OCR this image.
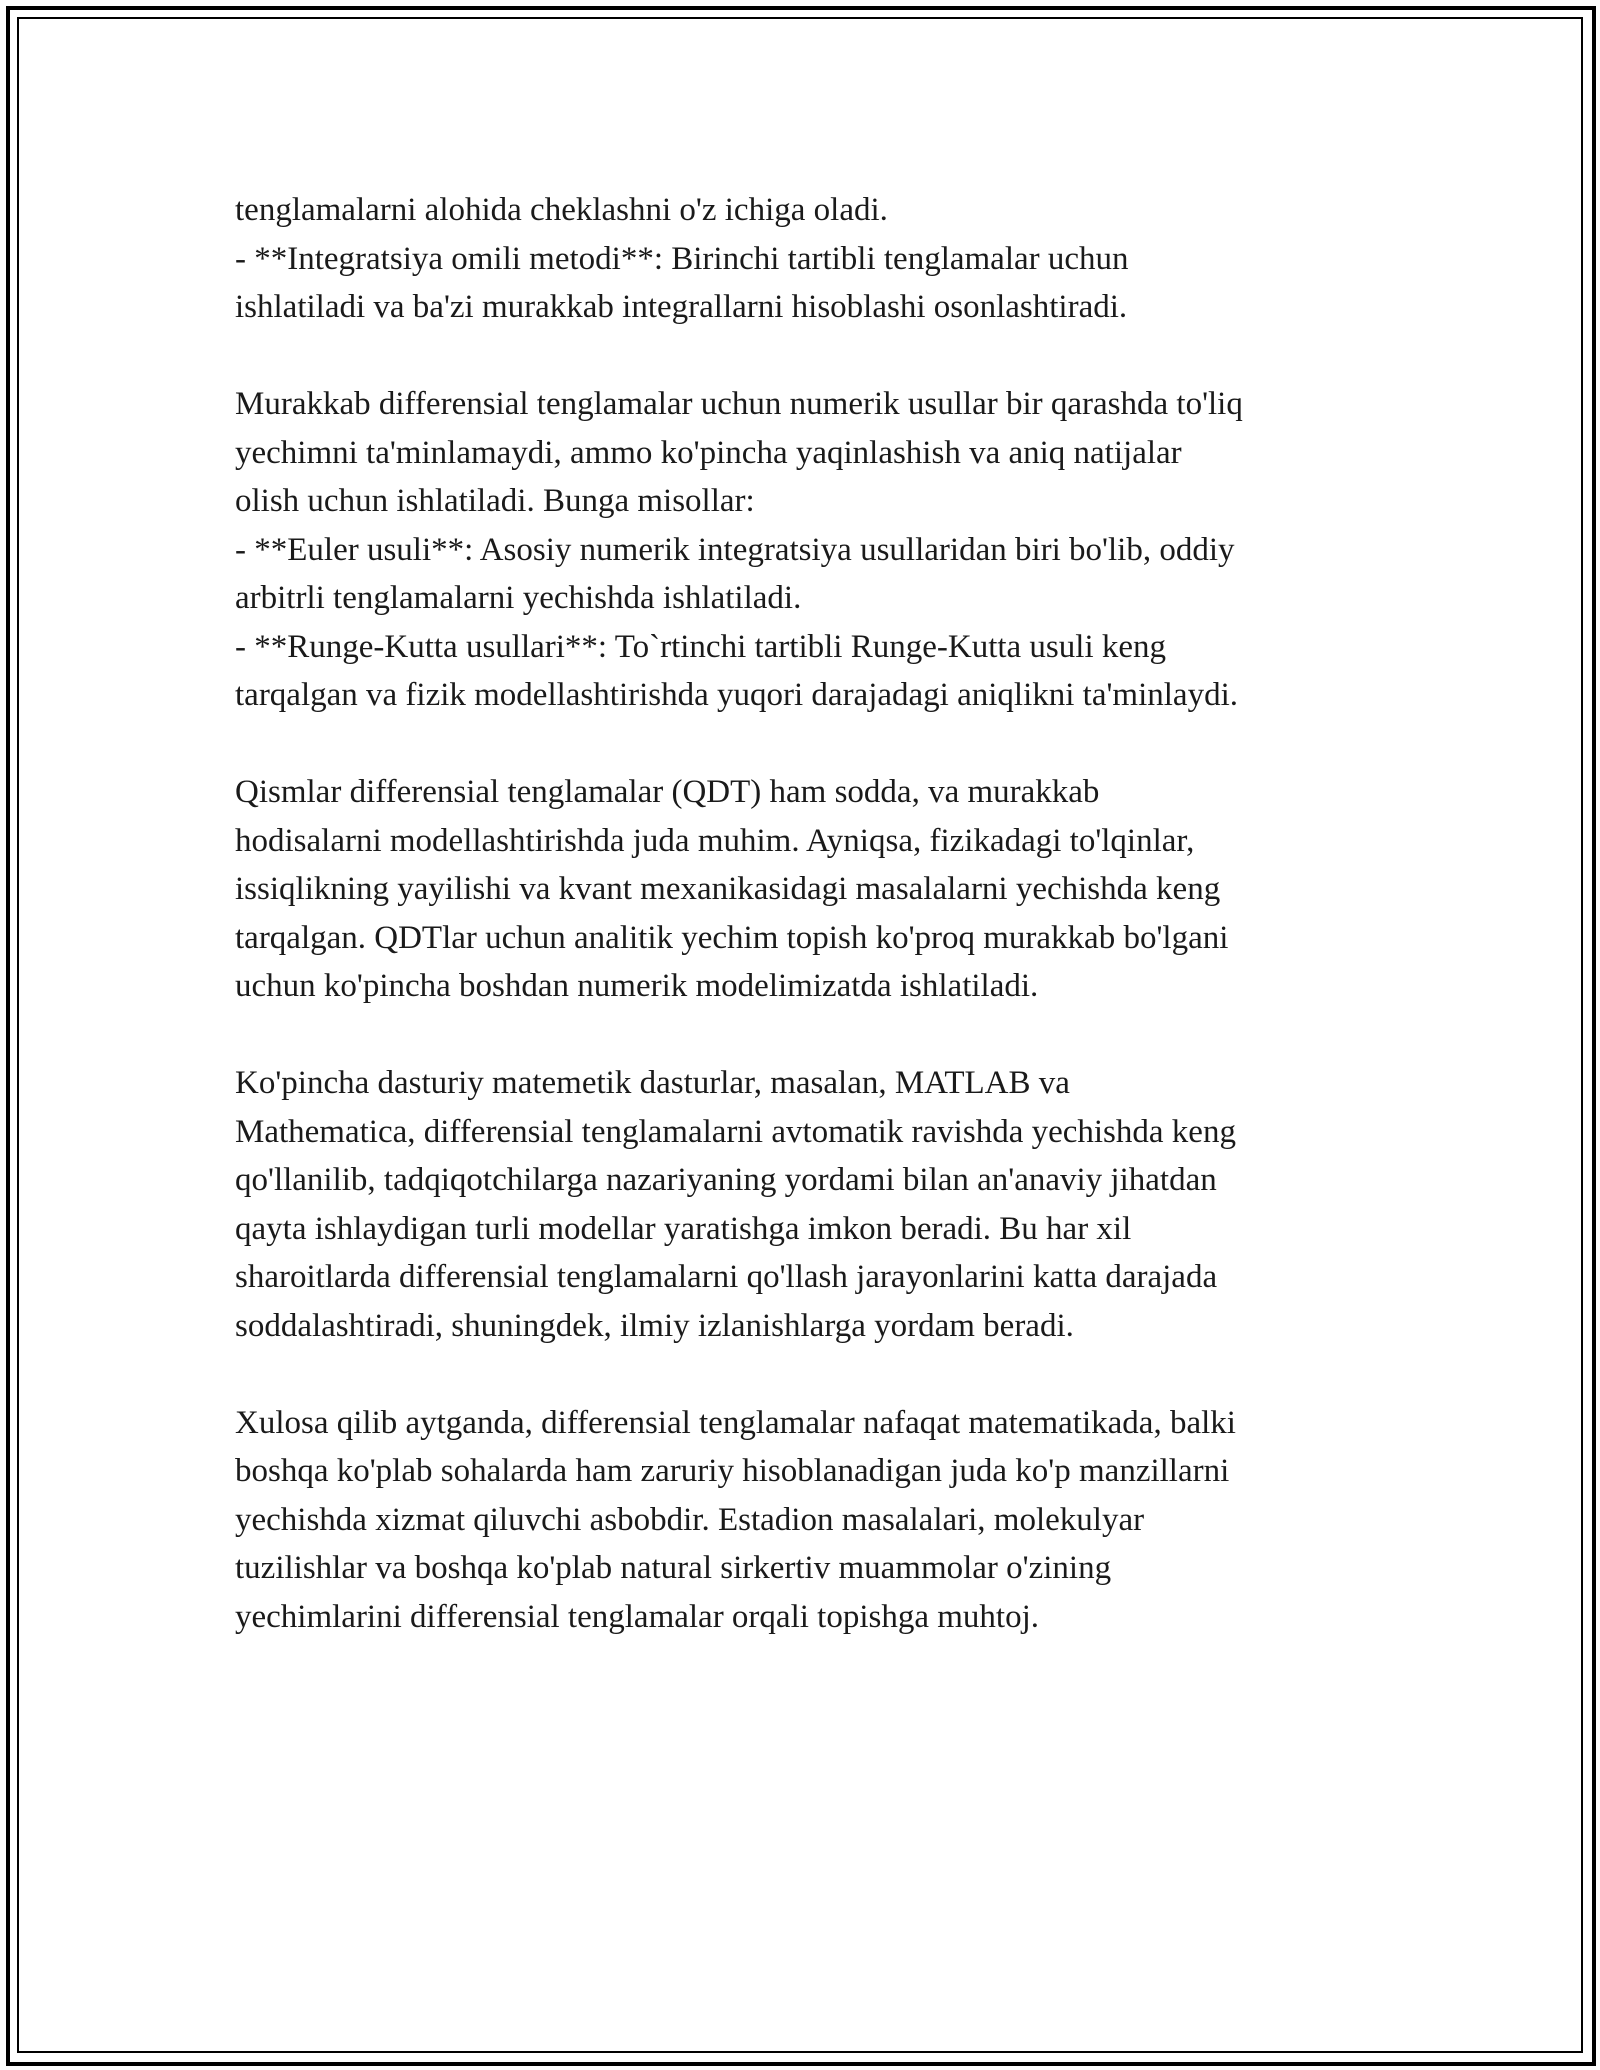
tenglamalarni alohida cheklashni o'z ichiga oladi.
- **Integratsiya omili metodi**: Birinchi tartibli tenglamalar uchun
ishlatiladi va ba'zi murakkab integrallarni hisoblashi osonlashtiradi.
Murakkab differensial tenglamalar uchun numerik usullar bir qarashda to'liq
yechimni ta'minlamaydi, ammo ko'pincha yaqinlashish va aniq natijalar
olish uchun ishlatiladi. Bunga misollar:
- **Euler usuli**: Asosiy numerik integratsiya usullaridan biri bo'lib, oddiy
arbitrli tenglamalarni yechishda ishlatiladi.
- **Runge-Kutta usullari**: To`rtinchi tartibli Runge-Kutta usuli keng
tarqalgan va fizik modellashtirishda yuqori darajadagi aniqlikni ta'minlaydi.
Qismlar differensial tenglamalar (QDT) ham sodda, va murakkab
hodisalarni modellashtirishda juda muhim. Ayniqsa, fizikadagi to'lqinlar,
issiqlikning yayilishi va kvant mexanikasidagi masalalarni yechishda keng
tarqalgan. QDTlar uchun analitik yechim topish ko'proq murakkab bo'lgani
uchun ko'pincha boshdan numerik modelimizatda ishlatiladi.
Ko'pincha dasturiy matemetik dasturlar, masalan, MATLAB va
Mathematica, differensial tenglamalarni avtomatik ravishda yechishda keng
qo'llanilib, tadqiqotchilarga nazariyaning yordami bilan an'anaviy jihatdan
qayta ishlaydigan turli modellar yaratishga imkon beradi. Bu har xil
sharoitlarda differensial tenglamalarni qo'llash jarayonlarini katta darajada
soddalashtiradi, shuningdek, ilmiy izlanishlarga yordam beradi.
Xulosa qilib aytganda, differensial tenglamalar nafaqat matematikada, balki
boshqa ko'plab sohalarda ham zaruriy hisoblanadigan juda ko'p manzillarni
yechishda xizmat qiluvchi asbobdir. Estadion masalalari, molekulyar
tuzilishlar va boshqa ko'plab natural sirkertiv muammolar o'zining
yechimlarini differensial tenglamalar orqali topishga muhtoj.
